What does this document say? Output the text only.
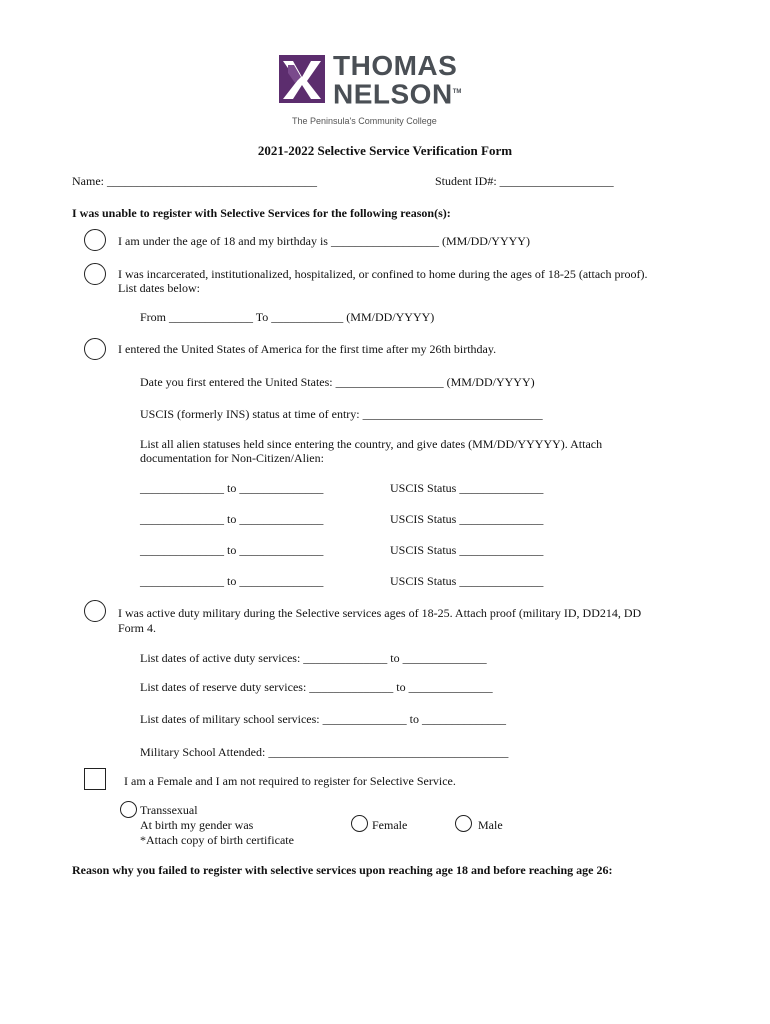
THOMAS
NELSON™
The Peninsula's Community College
2021-2022 Selective Service Verification Form
Name: ___________________________________	Student ID#: ___________________
I was unable to register with Selective Services for the following reason(s):
I am under the age of 18 and my birthday is __________________ (MM/DD/YYYY)
I was incarcerated, institutionalized, hospitalized, or confined to home during the ages of 18-25 (attach proof).
List dates below:
From ______________ To ____________ (MM/DD/YYYY)
I entered the United States of America for the first time after my 26th birthday.
Date you first entered the United States: __________________ (MM/DD/YYYY)
USCIS (formerly INS) status at time of entry: ______________________________
List all alien statuses held since entering the country, and give dates (MM/DD/YYYYY). Attach
documentation for Non-Citizen/Alien:
______________ to ______________	USCIS Status ______________
______________ to ______________	USCIS Status ______________
______________ to ______________	USCIS Status ______________
______________ to ______________	USCIS Status ______________
I was active duty military during the Selective services ages of 18-25. Attach proof (military ID, DD214, DD
Form 4.
List dates of active duty services: ______________ to ______________
List dates of reserve duty services: ______________ to ______________
List dates of military school services: ______________ to ______________
Military School Attended: ________________________________________
I am a Female and I am not required to register for Selective Service.
Transsexual
At birth my gender was
*Attach copy of birth certificate
Female	Male
Reason why you failed to register with selective services upon reaching age 18 and before reaching age 26:
